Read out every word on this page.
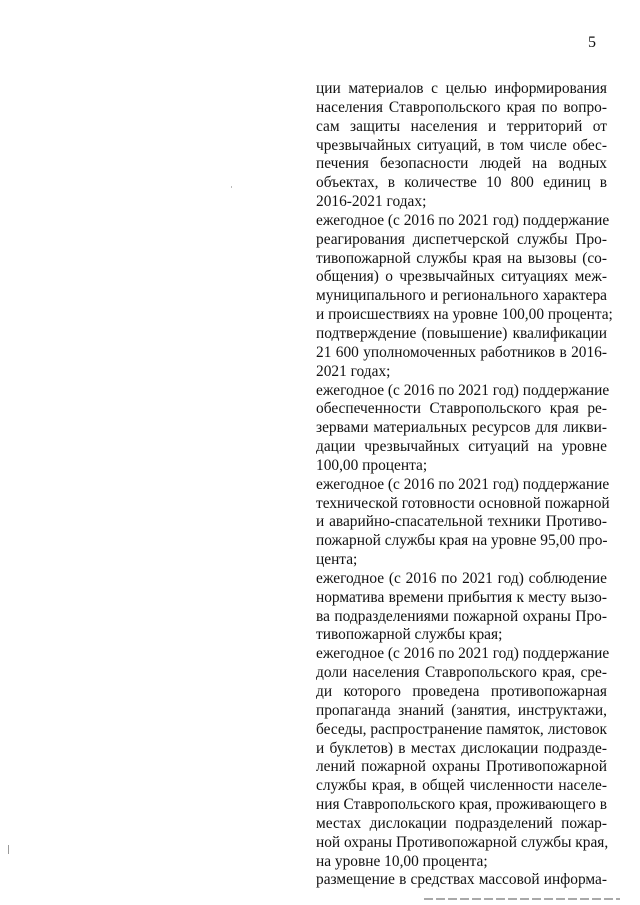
5
ции материалов с целью информирования
населения Ставропольского края по вопро-
сам защиты населения и территорий от
чрезвычайных ситуаций, в том числе обес-
печения безопасности людей на водных
объектах, в количестве 10 800 единиц в
2016-2021 годах;
ежегодное (с 2016 по 2021 год) поддержание
реагирования диспетчерской службы Про-
тивопожарной службы края на вызовы (со-
общения) о чрезвычайных ситуациях меж-
муниципального и регионального характера
и происшествиях на уровне 100,00 процента;
подтверждение (повышение) квалификации
21 600 уполномоченных работников в 2016-
2021 годах;
ежегодное (с 2016 по 2021 год) поддержание
обеспеченности Ставропольского края ре-
зервами материальных ресурсов для ликви-
дации чрезвычайных ситуаций на уровне
100,00 процента;
ежегодное (с 2016 по 2021 год) поддержание
технической готовности основной пожарной
и аварийно-спасательной техники Противо-
пожарной службы края на уровне 95,00 про-
цента;
ежегодное (с 2016 по 2021 год) соблюдение
норматива времени прибытия к месту вызо-
ва подразделениями пожарной охраны Про-
тивопожарной службы края;
ежегодное (с 2016 по 2021 год) поддержание
доли населения Ставропольского края, сре-
ди которого проведена противопожарная
пропаганда знаний (занятия, инструктажи,
беседы, распространение памяток, листовок
и буклетов) в местах дислокации подразде-
лений пожарной охраны Противопожарной
службы края, в общей численности населе-
ния Ставропольского края, проживающего в
местах дислокации подразделений пожар-
ной охраны Противопожарной службы края,
на уровне 10,00 процента;
размещение в средствах массовой информа-
